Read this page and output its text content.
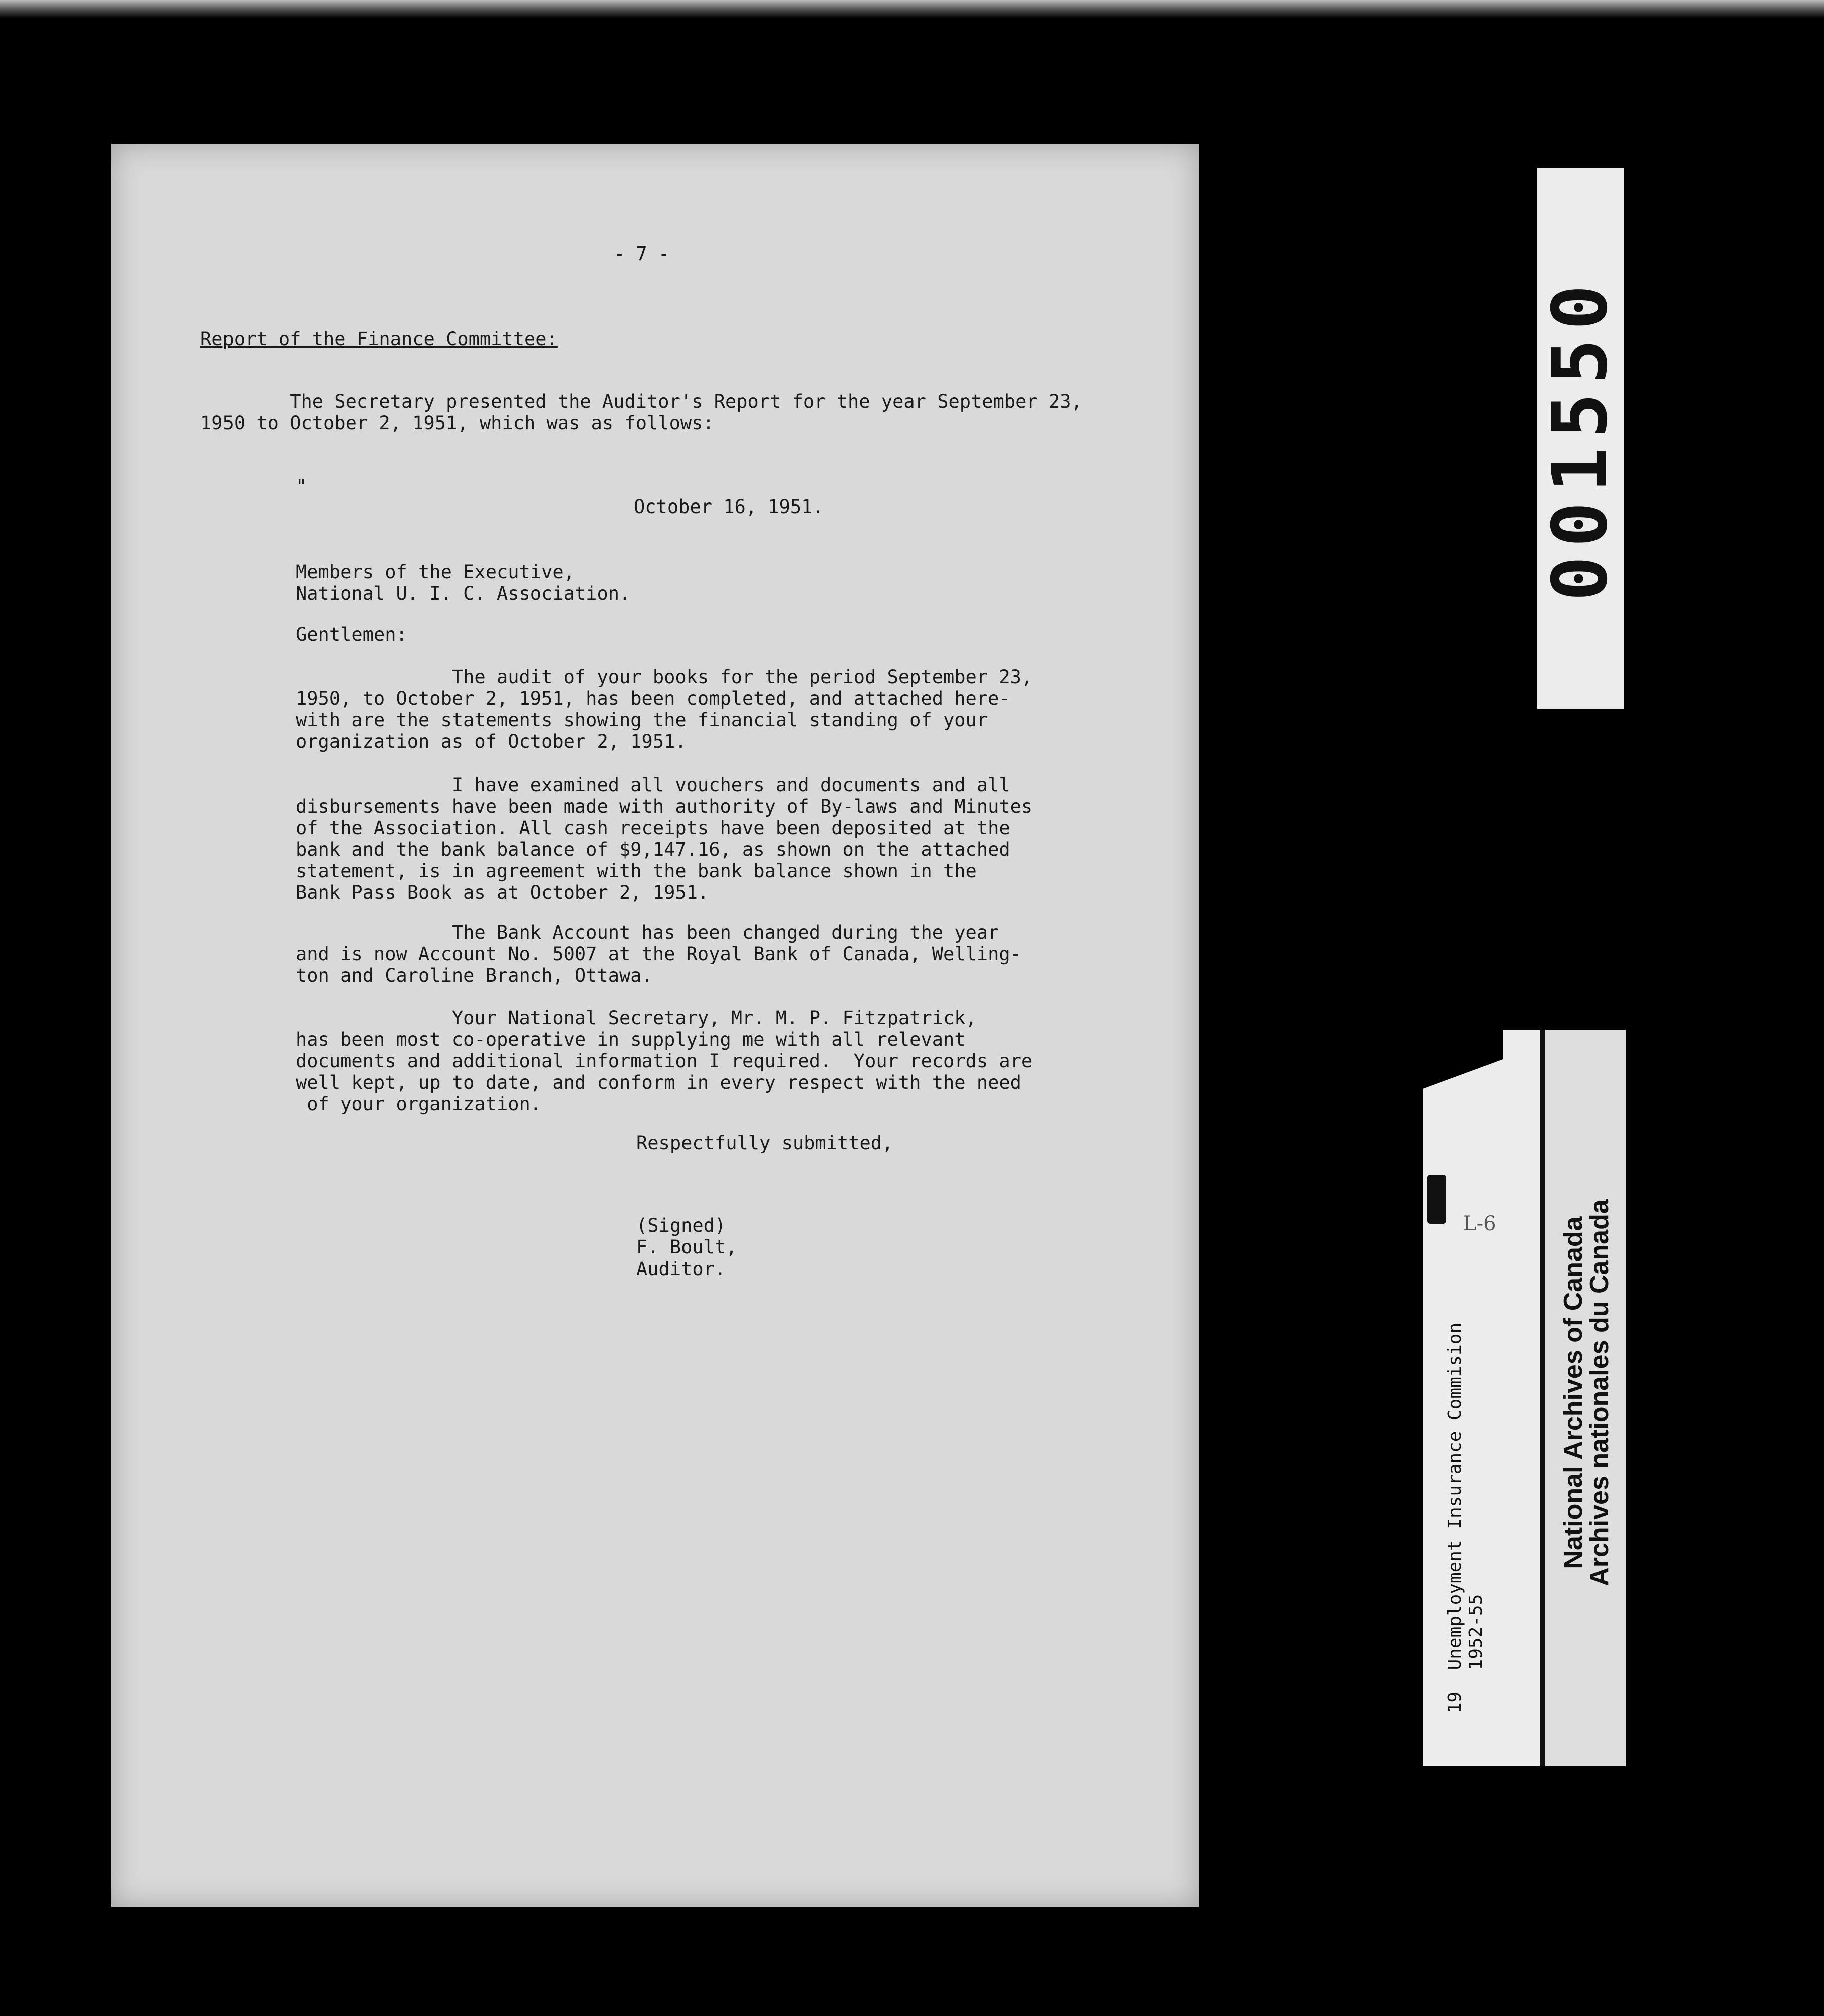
- 7 -
Report of the Finance Committee:
The Secretary presented the Auditor's Report for the year September 23,
1950 to October 2, 1951, which was as follows:
"
October 16, 1951.
Members of the Executive,
National U. I. C. Association.
Gentlemen:
The audit of your books for the period September 23,
1950, to October 2, 1951, has been completed, and attached here-
with are the statements showing the financial standing of your
organization as of October 2, 1951.
I have examined all vouchers and documents and all
disbursements have been made with authority of By-laws and Minutes
of the Association. All cash receipts have been deposited at the
bank and the bank balance of $9,147.16, as shown on the attached
statement, is in agreement with the bank balance shown in the
Bank Pass Book as at October 2, 1951.
The Bank Account has been changed during the year
and is now Account No. 5007 at the Royal Bank of Canada, Welling-
ton and Caroline Branch, Ottawa.
Your National Secretary, Mr. M. P. Fitzpatrick,
has been most co-operative in supplying me with all relevant
documents and additional information I required.  Your records are
well kept, up to date, and conform in every respect with the need
of your organization.
Respectfully submitted,
(Signed)
F. Boult,
Auditor.
001550
L-6
19  Unemployment Insurance Commision
1952-55
National Archives of Canada
Archives nationales du Canada
